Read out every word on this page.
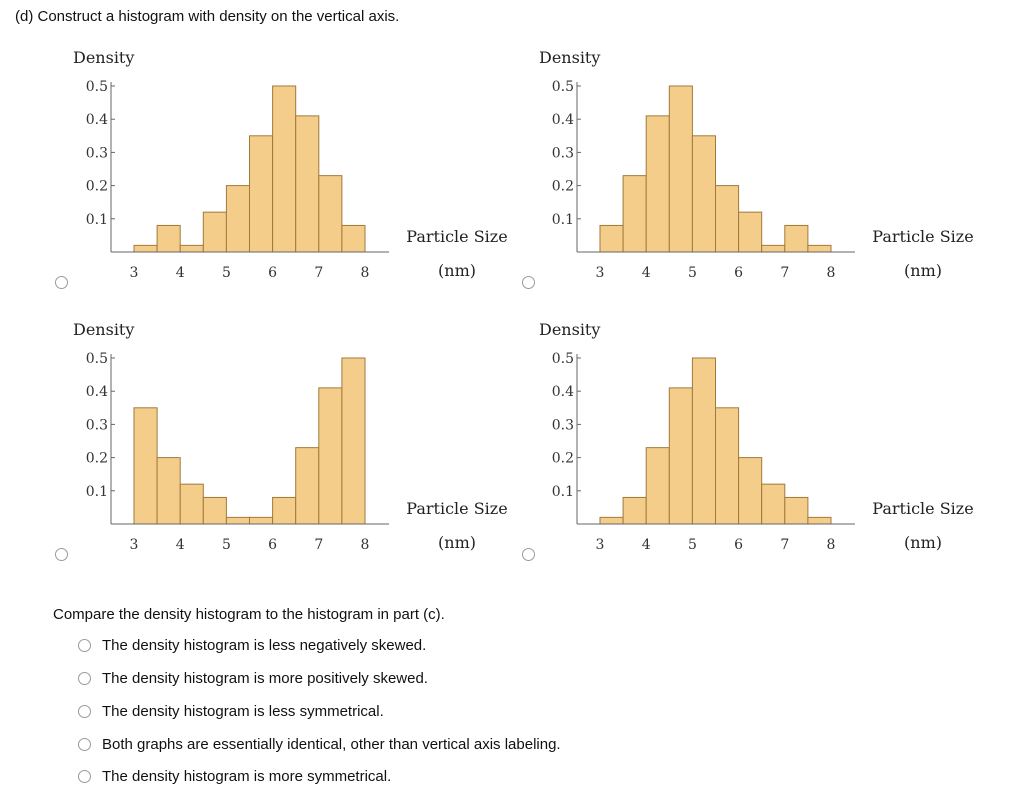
(d) Construct a histogram with density on the vertical axis.
Density
0.1
0.2
0.3
0.4
0.5
3	4	5	6	7	8
Particle Size
(nm)
Density
0.1
0.2
0.3
0.4
0.5
3	4	5	6	7	8
Particle Size
(nm)
Density
0.1
0.2
0.3
0.4
0.5
3	4	5	6	7	8
Particle Size
(nm)
Density
0.1
0.2
0.3
0.4
0.5
3	4	5	6	7	8
Particle Size
(nm)
Compare the density histogram to the histogram in part (c).
The density histogram is less negatively skewed.
The density histogram is more positively skewed.
The density histogram is less symmetrical.
Both graphs are essentially identical, other than vertical axis labeling.
The density histogram is more symmetrical.
